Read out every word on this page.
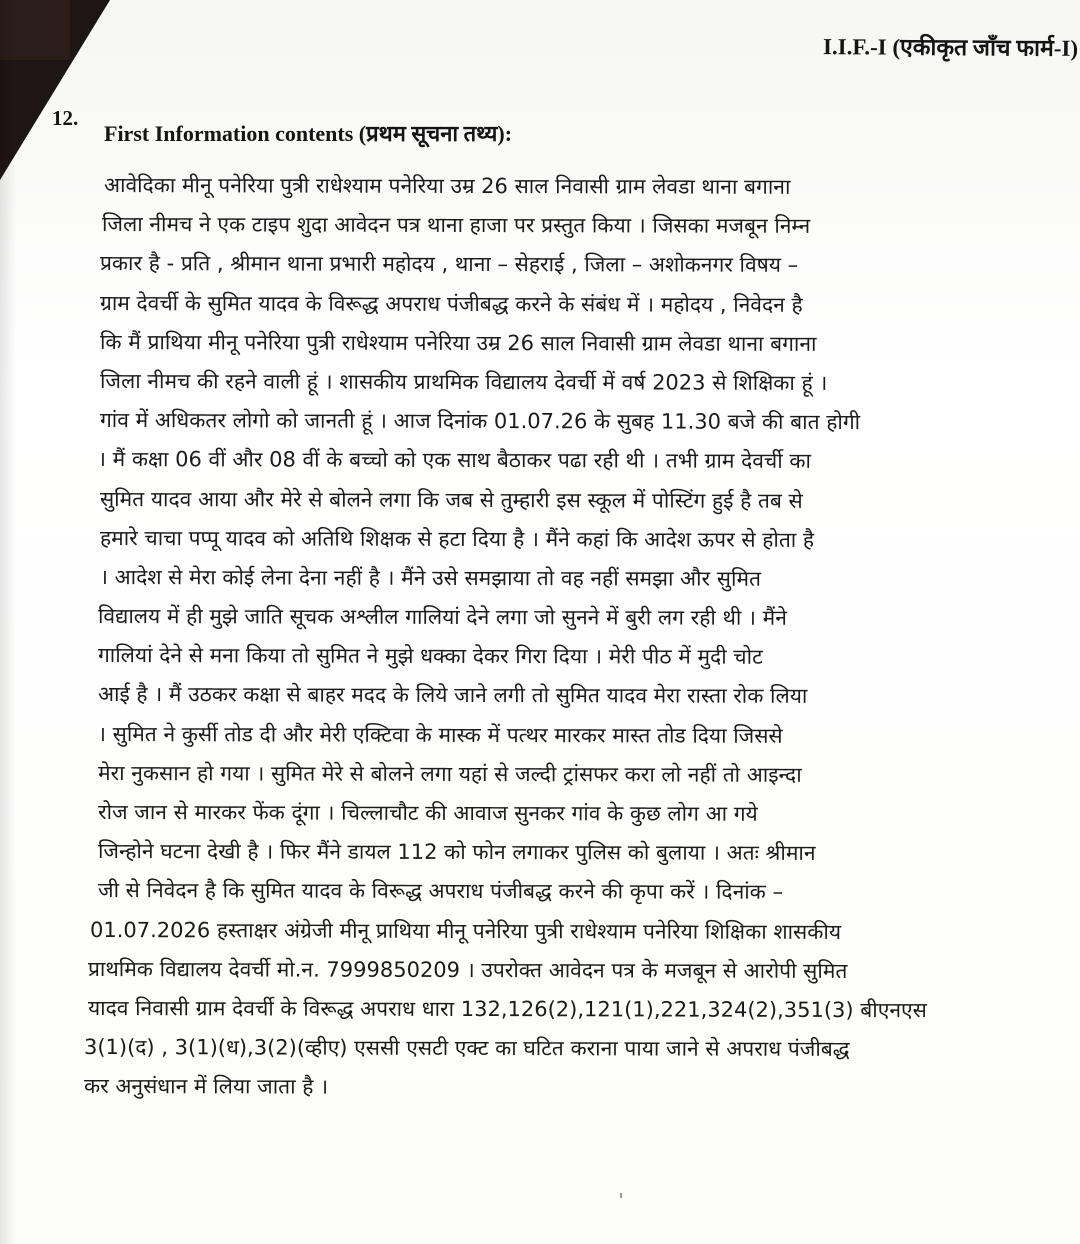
I.I.F.-I (एकीकृत जाँच फार्म-I)
12.
First Information contents (प्रथम सूचना तथ्य):
आवेदिका मीनू पनेरिया पुत्री राधेश्याम पनेरिया उम्र 26 साल निवासी ग्राम लेवडा थाना बगाना
जिला नीमच ने एक टाइप शुदा आवेदन पत्र थाना हाजा पर प्रस्तुत किया । जिसका मजबून निम्न
प्रकार है - प्रति , श्रीमान थाना प्रभारी महोदय , थाना – सेहराई , जिला – अशोकनगर विषय –
ग्राम देवर्ची के सुमित यादव के विरूद्ध अपराध पंजीबद्ध करने के संबंध में । महोदय , निवेदन है
कि मैं प्राथिया मीनू पनेरिया पुत्री राधेश्याम पनेरिया उम्र 26 साल निवासी ग्राम लेवडा थाना बगाना
जिला नीमच की रहने वाली हूं । शासकीय प्राथमिक विद्यालय देवर्ची में वर्ष 2023 से शिक्षिका हूं ।
गांव में अधिकतर लोगो को जानती हूं । आज दिनांक 01.07.26 के सुबह 11.30 बजे की बात होगी
। मैं कक्षा 06 वीं और 08 वीं के बच्चो को एक साथ बैठाकर पढा रही थी । तभी ग्राम देवर्ची का
सुमित यादव आया और मेरे से बोलने लगा कि जब से तुम्हारी इस स्कूल में पोस्टिंग हुई है तब से
हमारे चाचा पप्पू यादव को अतिथि शिक्षक से हटा दिया है । मैंने कहां कि आदेश ऊपर से होता है
। आदेश से मेरा कोई लेना देना नहीं है । मैंने उसे समझाया तो वह नहीं समझा और सुमित
विद्यालय में ही मुझे जाति सूचक अश्लील गालियां देने लगा जो सुनने में बुरी लग रही थी । मैंने
गालियां देने से मना किया तो सुमित ने मुझे धक्का देकर गिरा दिया । मेरी पीठ में मुदी चोट
आई है । मैं उठकर कक्षा से बाहर मदद के लिये जाने लगी तो सुमित यादव मेरा रास्ता रोक लिया
। सुमित ने कुर्सी तोड दी और मेरी एक्टिवा के मास्क में पत्थर मारकर मास्त तोड दिया जिससे
मेरा नुकसान हो गया । सुमित मेरे से बोलने लगा यहां से जल्दी ट्रांसफर करा लो नहीं तो आइन्दा
रोज जान से मारकर फेंक दूंगा । चिल्लाचौट की आवाज सुनकर गांव के कुछ लोग आ गये
जिन्होने घटना देखी है । फिर मैंने डायल 112 को फोन लगाकर पुलिस को बुलाया । अतः श्रीमान
जी से निवेदन है कि सुमित यादव के विरूद्ध अपराध पंजीबद्ध करने की कृपा करें । दिनांक –
01.07.2026 हस्ताक्षर अंग्रेजी मीनू प्राथिया मीनू पनेरिया पुत्री राधेश्याम पनेरिया शिक्षिका शासकीय
प्राथमिक विद्यालय देवर्ची मो.न. 7999850209 । उपरोक्त आवेदन पत्र के मजबून से आरोपी सुमित
यादव निवासी ग्राम देवर्ची के विरूद्ध अपराध धारा 132,126(2),121(1),221,324(2),351(3) बीएनएस
3(1)(द) , 3(1)(ध),3(2)(व्हीए) एससी एसटी एक्ट का घटित कराना पाया जाने से अपराध पंजीबद्ध
कर अनुसंधान में लिया जाता है ।
